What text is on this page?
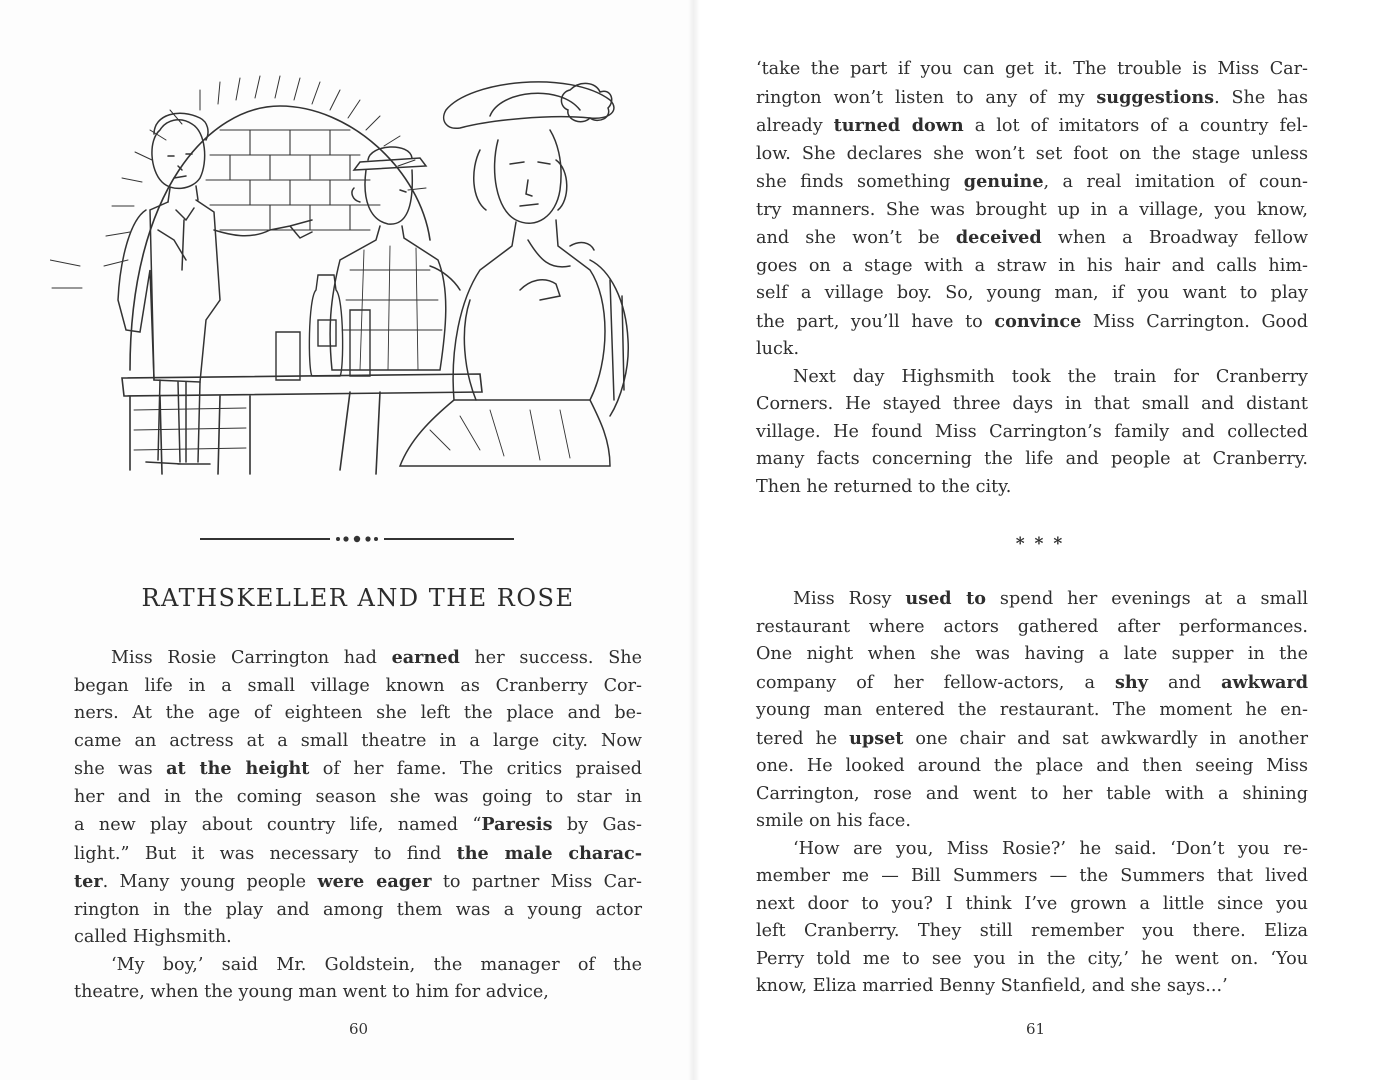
RATHSKELLER AND THE ROSE

Miss Rosie Carrington had earned her success. She
began life in a small village known as Cranberry Cor-
ners. At the age of eighteen she left the place and be-
came an actress at a small theatre in a large city. Now
she was at the height of her fame. The critics praised
her and in the coming season she was going to star in
a new play about country life, named “Paresis by Gas-
light.” But it was necessary to find the male charac-
ter. Many young people were eager to partner Miss Car-
rington in the play and among them was a young actor
called Highsmith.

‘My boy,’ said Mr. Goldstein, the manager of the
theatre, when the young man went to him for advice,

60

‘take the part if you can get it. The trouble is Miss Car-
rington won’t listen to any of my suggestions. She has
already turned down a lot of imitators of a country fel-
low. She declares she won’t set foot on the stage unless
she finds something genuine, a real imitation of coun-
try manners. She was brought up in a village, you know,
and she won’t be deceived when a Broadway fellow
goes on a stage with a straw in his hair and calls him-
self a village boy. So, young man, if you want to play
the part, you’ll have to convince Miss Carrington. Good
luck.

Next day Highsmith took the train for Cranberry
Corners. He stayed three days in that small and distant
village. He found Miss Carrington’s family and collected
many facts concerning the life and people at Cranberry.
Then he returned to the city.

* * *

Miss Rosy used to spend her evenings at a small
restaurant where actors gathered after performances.
One night when she was having a late supper in the
company of her fellow-actors, a shy and awkward
young man entered the restaurant. The moment he en-
tered he upset one chair and sat awkwardly in another
one. He looked around the place and then seeing Miss
Carrington, rose and went to her table with a shining
smile on his face.

‘How are you, Miss Rosie?’ he said. ‘Don’t you re-
member me — Bill Summers — the Summers that lived
next door to you? I think I’ve grown a little since you
left Cranberry. They still remember you there. Eliza
Perry told me to see you in the city,’ he went on. ‘You
know, Eliza married Benny Stanfield, and she says...’

61
